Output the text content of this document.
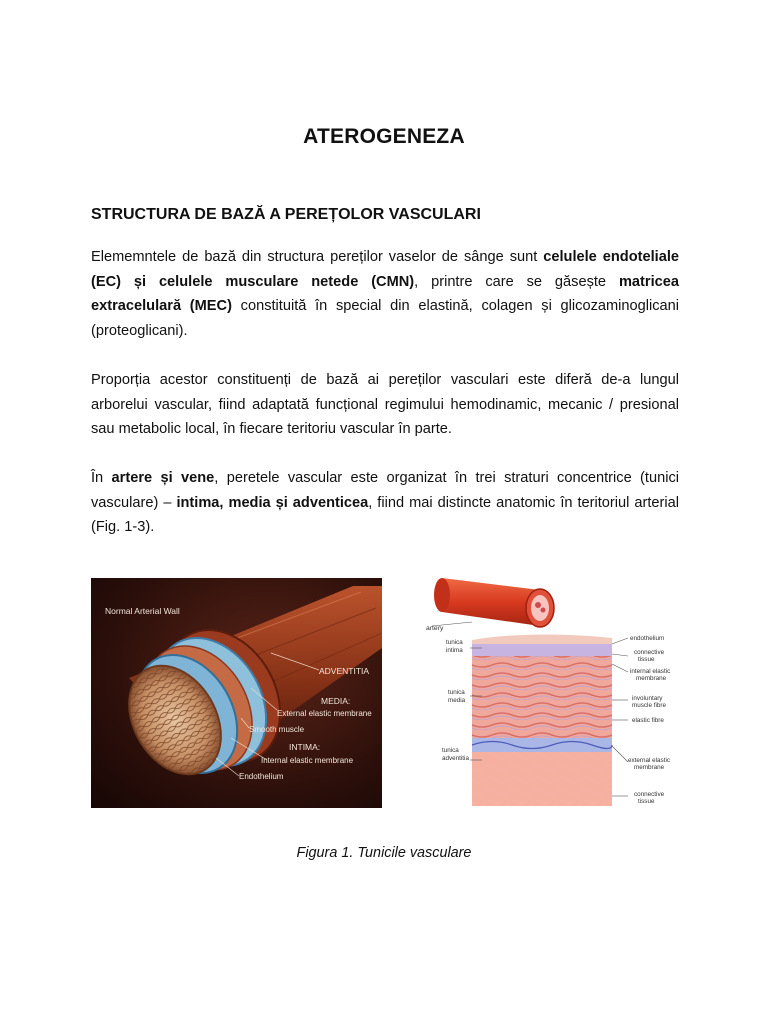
ATEROGENEZA
STRUCTURA DE BAZĂ A PEREȚOLOR VASCULARI

Elememntele de bază din structura pereților vaselor de sânge sunt celulele endoteliale (EC) și celulele musculare netede (CMN), printre care se găsește matricea extracelulară (MEC) constituită în special din elastină, colagen și glicozaminoglicani (proteoglicani).

Proporția acestor constituenți de bază ai pereților vasculari este diferă de-a lungul arborelui vascular, fiind adaptată funcțional regimului hemodinamic, mecanic / presional sau metabolic local, în fiecare teritoriu vascular în parte.

În artere și vene, peretele vascular este organizat în trei straturi concentrice (tunici vasculare) – intima, media și adventicea, fiind mai distincte anatomic în teritoriul arterial (Fig. 1-3).

Normal Arterial Wall
ADVENTITIA
MEDIA:
External elastic membrane
Smooth muscle
INTIMA:
Internal elastic membrane
Endothelium
artery
tunica
intima
tunica
media
tunica
adventitia
endothelium
connective
tissue
internal elastic
membrane
involuntary
muscle fibre
elastic fibre
external elastic
membrane
connective
tissue

Figura 1. Tunicile vasculare
